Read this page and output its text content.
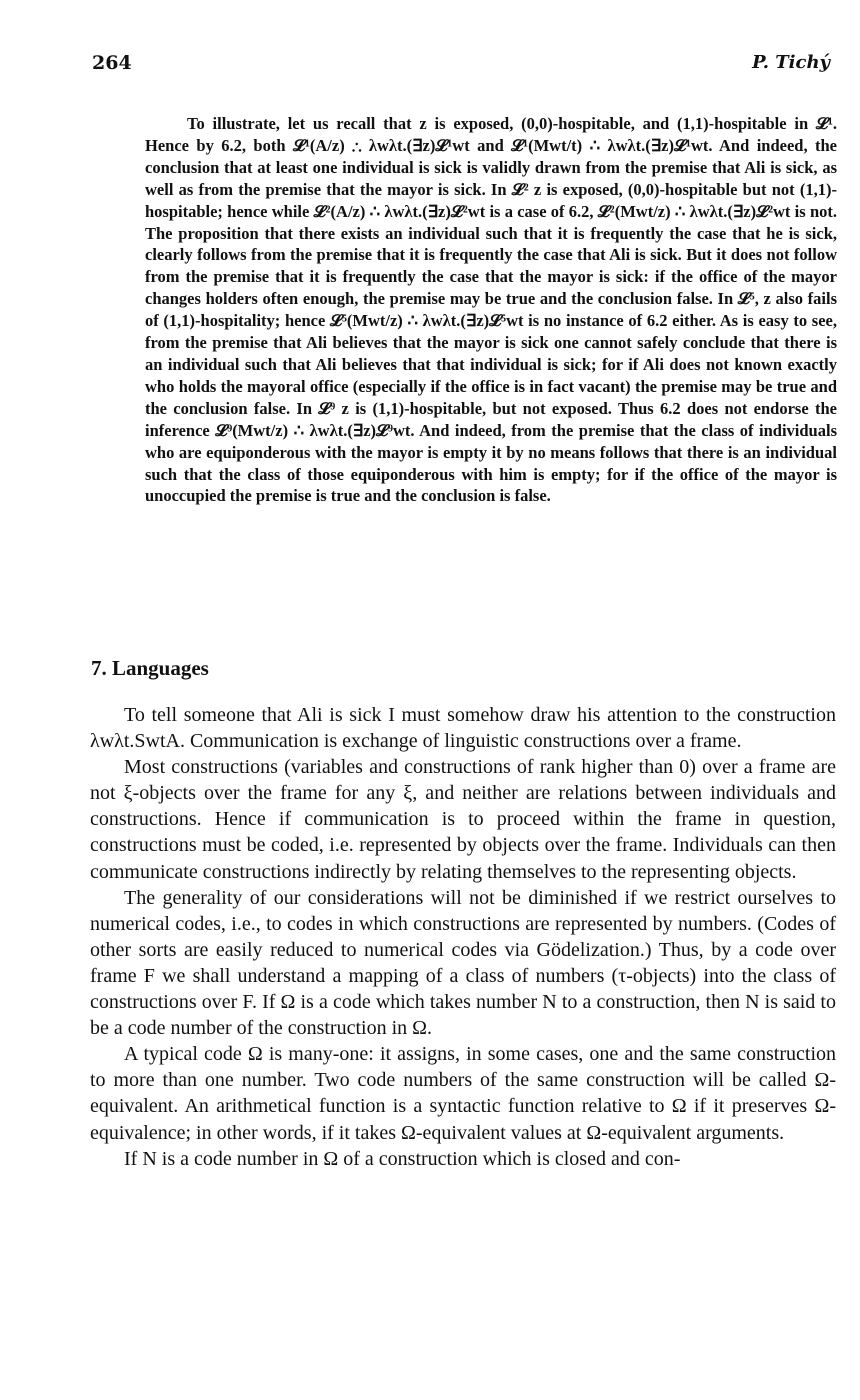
264	P. Tichý
To illustrate, let us recall that z is exposed, (0,0)-hospitable, and (1,1)-hospitable in 𝓛¹. Hence by 6.2, both 𝓛¹(A/z) ∴ λwλt.(∃z)𝓛¹wt and 𝓛¹(Mwt/t) ∴ λwλt.(∃z)𝓛¹wt. And indeed, the conclusion that at least one individual is sick is validly drawn from the premise that Ali is sick, as well as from the premise that the mayor is sick. In 𝓛² z is exposed, (0,0)-hospitable but not (1,1)-hospitable; hence while 𝓛²(A/z) ∴ λwλt.(∃z)𝓛²wt is a case of 6.2, 𝓛²(Mwt/z) ∴ λwλt.(∃z)𝓛²wt is not. The proposition that there exists an individual such that it is frequently the case that he is sick, clearly follows from the premise that it is frequently the case that Ali is sick. But it does not follow from the premise that it is frequently the case that the mayor is sick: if the office of the mayor changes holders often enough, the premise may be true and the conclusion false. In 𝓛⁵, z also fails of (1,1)-hospitality; hence 𝓛⁵(Mwt/z) ∴ λwλt.(∃z)𝓛⁵wt is no instance of 6.2 either. As is easy to see, from the premise that Ali believes that the mayor is sick one cannot safely conclude that there is an individual such that Ali believes that that individual is sick; for if Ali does not known exactly who holds the mayoral office (especially if the office is in fact vacant) the premise may be true and the conclusion false. In 𝓛⁹ z is (1,1)-hospitable, but not exposed. Thus 6.2 does not endorse the inference 𝓛⁹(Mwt/z) ∴ λwλt.(∃z)𝓛⁹wt. And indeed, from the premise that the class of individuals who are equiponderous with the mayor is empty it by no means follows that there is an individual such that the class of those equiponderous with him is empty; for if the office of the mayor is unoccupied the premise is true and the conclusion is false.
7. Languages

To tell someone that Ali is sick I must somehow draw his attention to the construction λwλt.SwtA. Communication is exchange of linguistic constructions over a frame.

Most constructions (variables and constructions of rank higher than 0) over a frame are not ξ-objects over the frame for any ξ, and neither are relations between individuals and constructions. Hence if communication is to proceed within the frame in question, constructions must be coded, i.e. represented by objects over the frame. Individuals can then communicate constructions indirectly by relating themselves to the representing objects.

The generality of our considerations will not be diminished if we restrict ourselves to numerical codes, i.e., to codes in which constructions are represented by numbers. (Codes of other sorts are easily reduced to numerical codes via Gödelization.) Thus, by a code over frame F we shall understand a mapping of a class of numbers (τ-objects) into the class of constructions over F. If Ω is a code which takes number N to a construction, then N is said to be a code number of the construction in Ω.

A typical code Ω is many-one: it assigns, in some cases, one and the same construction to more than one number. Two code numbers of the same construction will be called Ω-equivalent. An arithmetical function is a syntactic function relative to Ω if it preserves Ω-equivalence; in other words, if it takes Ω-equivalent values at Ω-equivalent arguments.

If N is a code number in Ω of a construction which is closed and con-
